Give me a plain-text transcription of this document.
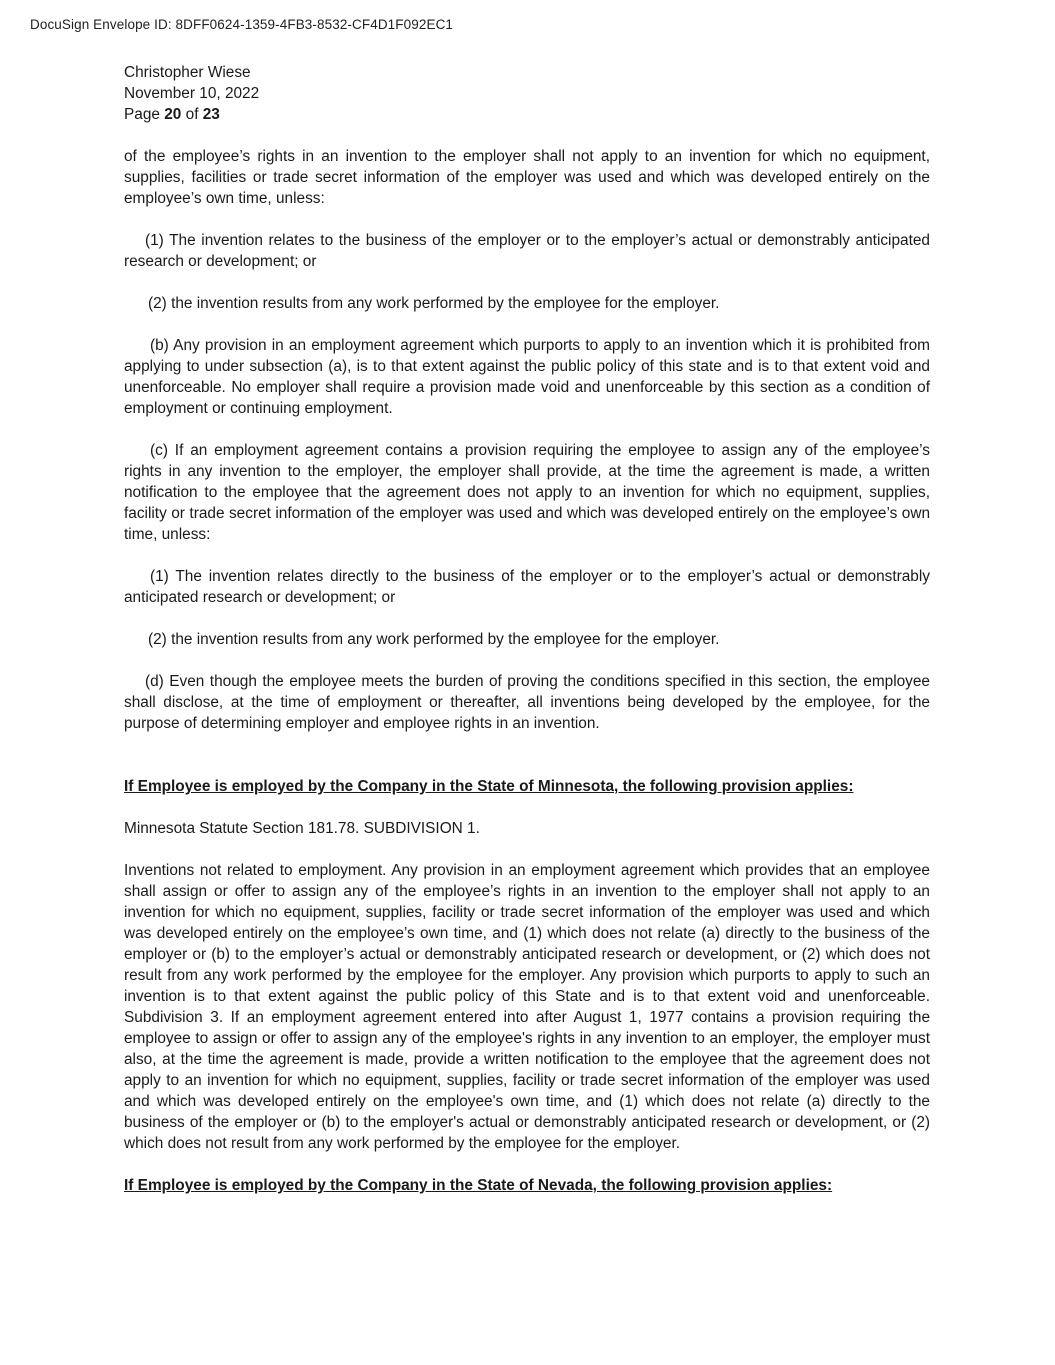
DocuSign Envelope ID: 8DFF0624-1359-4FB3-8532-CF4D1F092EC1
Christopher Wiese
November 10, 2022
Page 20 of 23

of the employee’s rights in an invention to the employer shall not apply to an invention for which no equipment, supplies, facilities or trade secret information of the employer was used and which was developed entirely on the employee’s own time, unless:

(1) The invention relates to the business of the employer or to the employer’s actual or demonstrably anticipated research or development; or

(2) the invention results from any work performed by the employee for the employer.

(b) Any provision in an employment agreement which purports to apply to an invention which it is prohibited from applying to under subsection (a), is to that extent against the public policy of this state and is to that extent void and unenforceable. No employer shall require a provision made void and unenforceable by this section as a condition of employment or continuing employment.

(c) If an employment agreement contains a provision requiring the employee to assign any of the employee’s rights in any invention to the employer, the employer shall provide, at the time the agreement is made, a written notification to the employee that the agreement does not apply to an invention for which no equipment, supplies, facility or trade secret information of the employer was used and which was developed entirely on the employee’s own time, unless:

(1) The invention relates directly to the business of the employer or to the employer’s actual or demonstrably anticipated research or development; or

(2) the invention results from any work performed by the employee for the employer.

(d) Even though the employee meets the burden of proving the conditions specified in this section, the employee shall disclose, at the time of employment or thereafter, all inventions being developed by the employee, for the purpose of determining employer and employee rights in an invention.

If Employee is employed by the Company in the State of Minnesota, the following provision applies:

Minnesota Statute Section 181.78. SUBDIVISION 1.

Inventions not related to employment. Any provision in an employment agreement which provides that an employee shall assign or offer to assign any of the employee’s rights in an invention to the employer shall not apply to an invention for which no equipment, supplies, facility or trade secret information of the employer was used and which was developed entirely on the employee’s own time, and (1) which does not relate (a) directly to the business of the employer or (b) to the employer’s actual or demonstrably anticipated research or development, or (2) which does not result from any work performed by the employee for the employer. Any provision which purports to apply to such an invention is to that extent against the public policy of this State and is to that extent void and unenforceable. Subdivision 3. If an employment agreement entered into after August 1, 1977 contains a provision requiring the employee to assign or offer to assign any of the employee's rights in any invention to an employer, the employer must also, at the time the agreement is made, provide a written notification to the employee that the agreement does not apply to an invention for which no equipment, supplies, facility or trade secret information of the employer was used and which was developed entirely on the employee's own time, and (1) which does not relate (a) directly to the business of the employer or (b) to the employer's actual or demonstrably anticipated research or development, or (2) which does not result from any work performed by the employee for the employer.

If Employee is employed by the Company in the State of Nevada, the following provision applies:
